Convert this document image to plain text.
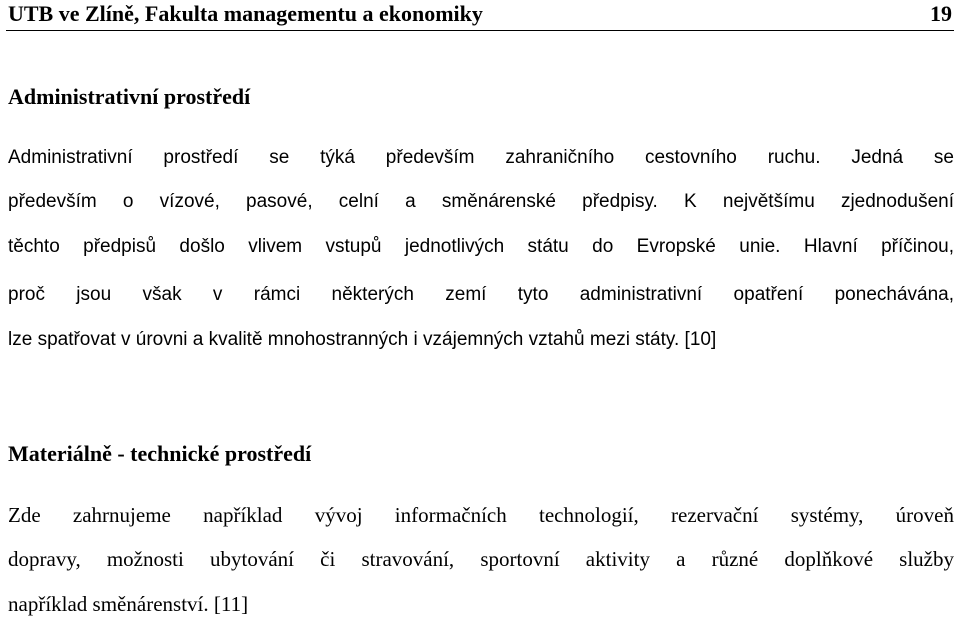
UTB ve Zlíně, Fakulta managementu a ekonomiky	19
Administrativní prostředí
Administrativní prostředí se týká především zahraničního cestovního ruchu. Jedná se
především o vízové, pasové, celní a směnárenské předpisy. K největšímu zjednodušení
těchto předpisů došlo vlivem vstupů jednotlivých státu do Evropské unie. Hlavní příčinou,
proč jsou však v rámci některých zemí tyto administrativní opatření ponechávána,
lze spatřovat v úrovni a kvalitě mnohostranných i vzájemných vztahů mezi státy. [10]
Materiálně - technické prostředí
Zde zahrnujeme například vývoj informačních technologií, rezervační systémy, úroveň
dopravy, možnosti ubytování či stravování, sportovní aktivity a různé doplňkové služby
například směnárenství. [11]
